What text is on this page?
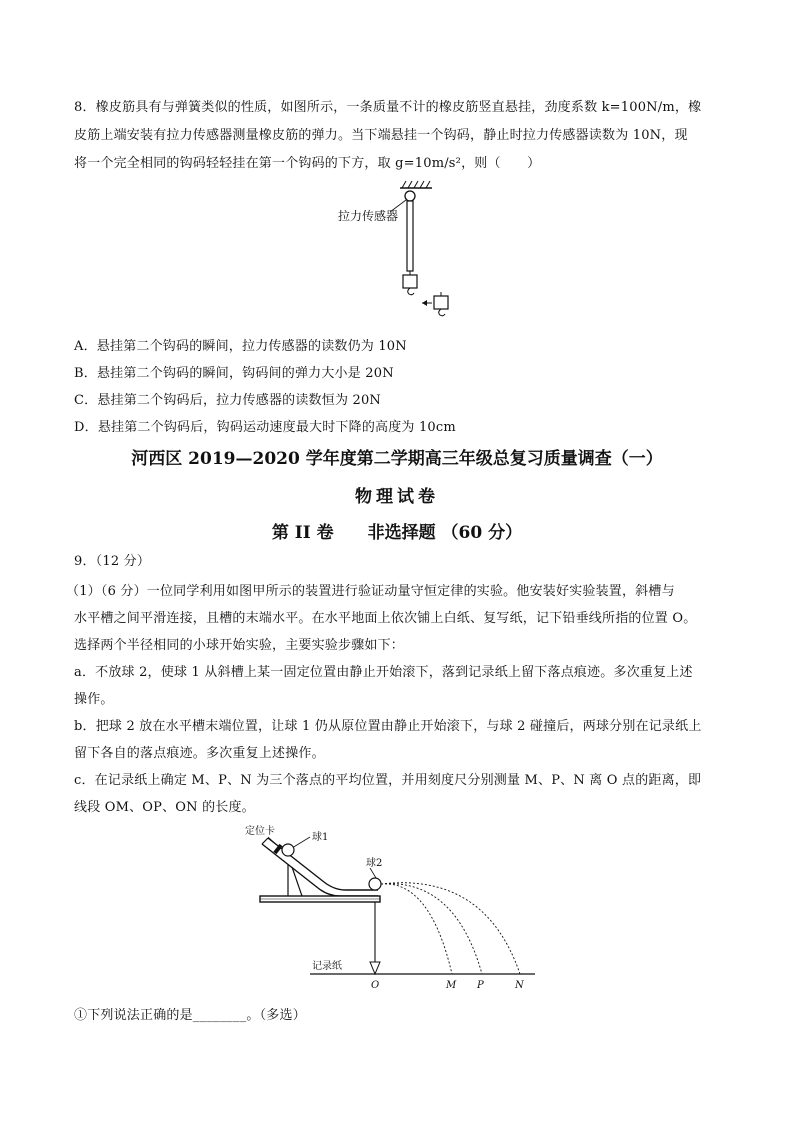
8．橡皮筋具有与弹簧类似的性质，如图所示，一条质量不计的橡皮筋竖直悬挂，劲度系数 k=100N/m，橡
皮筋上端安装有拉力传感器测量橡皮筋的弹力。当下端悬挂一个钩码，静止时拉力传感器读数为 10N，现
将一个完全相同的钩码轻轻挂在第一个钩码的下方，取 g=10m/s²，则（　　）
拉力传感器
A．悬挂第二个钩码的瞬间，拉力传感器的读数仍为 10N
B．悬挂第二个钩码的瞬间，钩码间的弹力大小是 20N
C．悬挂第二个钩码后，拉力传感器的读数恒为 20N
D．悬挂第二个钩码后，钩码运动速度最大时下降的高度为 10cm
河西区 2019—2020 学年度第二学期高三年级总复习质量调查（一）
物理试卷
第 II 卷　　非选择题 （60 分）
9．（12 分）
（1）（6 分）一位同学利用如图甲所示的装置进行验证动量守恒定律的实验。他安装好实验装置，斜槽与
水平槽之间平滑连接，且槽的末端水平。在水平地面上依次铺上白纸、复写纸，记下铅垂线所指的位置 O。
选择两个半径相同的小球开始实验，主要实验步骤如下：
a．不放球 2，使球 1 从斜槽上某一固定位置由静止开始滚下，落到记录纸上留下落点痕迹。多次重复上述
操作。
b．把球 2 放在水平槽末端位置，让球 1 仍从原位置由静止开始滚下，与球 2 碰撞后，两球分别在记录纸上
留下各自的落点痕迹。多次重复上述操作。
c．在记录纸上确定 M、P、N 为三个落点的平均位置，并用刻度尺分别测量 M、P、N 离 O 点的距离，即
线段 OM、OP、ON 的长度。
定位卡
球1
球2
记录纸
O	M P	N
①下列说法正确的是________。（多选）
